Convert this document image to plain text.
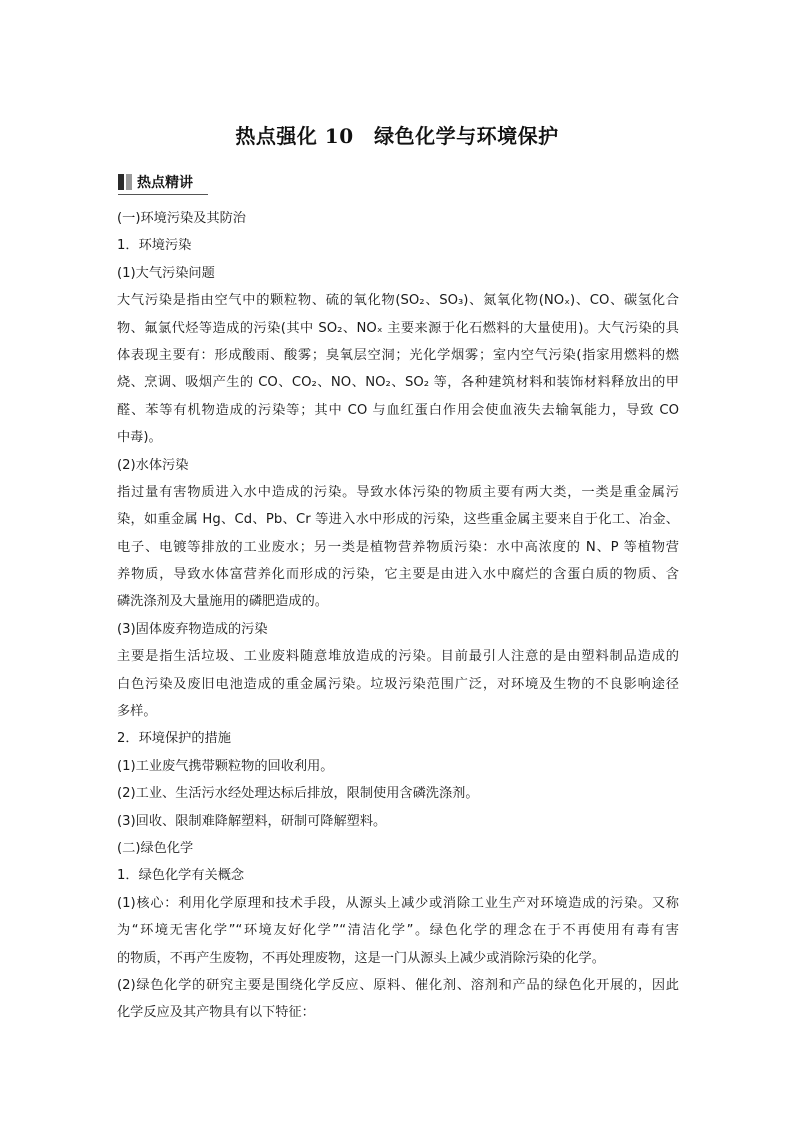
热点强化 10　绿色化学与环境保护
热点精讲
(一)环境污染及其防治
1．环境污染
(1)大气污染问题
大气污染是指由空气中的颗粒物、硫的氧化物(SO₂、SO₃)、氮氧化物(NOₓ)、CO、碳氢化合
物、氟氯代烃等造成的污染(其中 SO₂、NOₓ 主要来源于化石燃料的大量使用)。大气污染的具
体表现主要有：形成酸雨、酸雾；臭氧层空洞；光化学烟雾；室内空气污染(指家用燃料的燃
烧、烹调、吸烟产生的 CO、CO₂、NO、NO₂、SO₂ 等，各种建筑材料和装饰材料释放出的甲
醛、苯等有机物造成的污染等；其中 CO 与血红蛋白作用会使血液失去输氧能力，导致 CO
中毒)。
(2)水体污染
指过量有害物质进入水中造成的污染。导致水体污染的物质主要有两大类，一类是重金属污
染，如重金属 Hg、Cd、Pb、Cr 等进入水中形成的污染，这些重金属主要来自于化工、冶金、
电子、电镀等排放的工业废水；另一类是植物营养物质污染：水中高浓度的 N、P 等植物营
养物质，导致水体富营养化而形成的污染，它主要是由进入水中腐烂的含蛋白质的物质、含
磷洗涤剂及大量施用的磷肥造成的。
(3)固体废弃物造成的污染
主要是指生活垃圾、工业废料随意堆放造成的污染。目前最引人注意的是由塑料制品造成的
白色污染及废旧电池造成的重金属污染。垃圾污染范围广泛，对环境及生物的不良影响途径
多样。
2．环境保护的措施
(1)工业废气携带颗粒物的回收利用。
(2)工业、生活污水经处理达标后排放，限制使用含磷洗涤剂。
(3)回收、限制难降解塑料，研制可降解塑料。
(二)绿色化学
1．绿色化学有关概念
(1)核心：利用化学原理和技术手段，从源头上减少或消除工业生产对环境造成的污染。又称
为“环境无害化学”“环境友好化学”“清洁化学”。绿色化学的理念在于不再使用有毒有害
的物质，不再产生废物，不再处理废物，这是一门从源头上减少或消除污染的化学。
(2)绿色化学的研究主要是围绕化学反应、原料、催化剂、溶剂和产品的绿色化开展的，因此
化学反应及其产物具有以下特征：
